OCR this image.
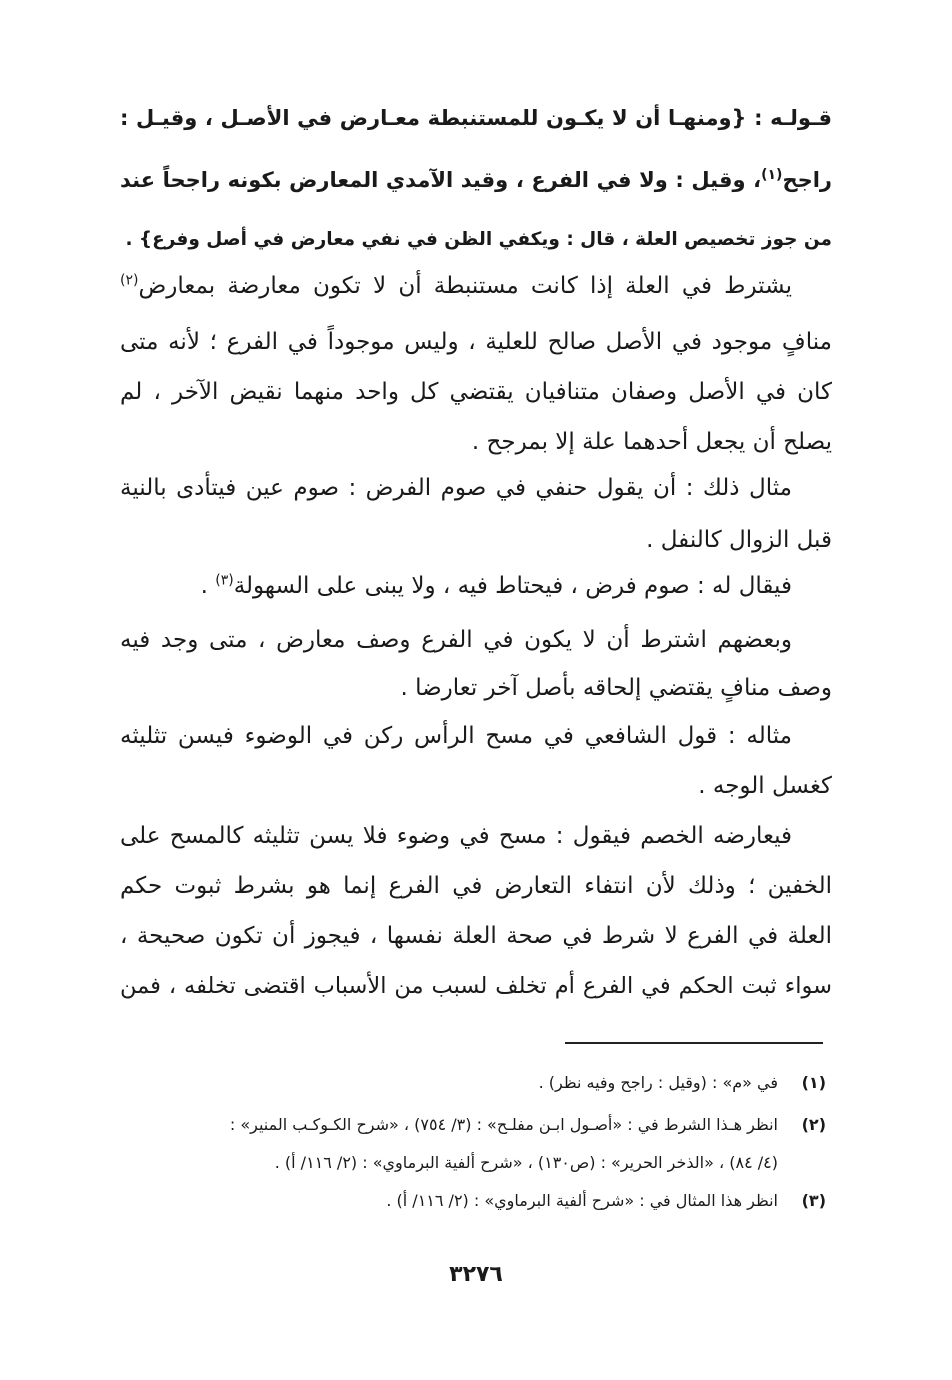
قـولـه : {ومنهـا أن لا يكـون للمستنبطة معـارض في الأصـل ، وقيـل :
راجح$^{(١)}$، وقيل : ولا في الفرع ، وقيد الآمدي المعارض بكونه راجحاً عند
من جوز تخصيص العلة ، قال : ويكفي الظن في نفي معارض في أصل وفرع} .
يشترط في العلة إذا كانت مستنبطة أن لا تكون معارضة بمعارض$^{(٢)}$
منافٍ موجود في الأصل صالح للعلية ، وليس موجوداً في الفرع ؛ لأنه متى
كان في الأصل وصفان متنافيان يقتضي كل واحد منهما نقيض الآخر ، لم
يصلح أن يجعل أحدهما علة إلا بمرجح .
مثال ذلك : أن يقول حنفي في صوم الفرض : صوم عين فيتأدى بالنية
قبل الزوال كالنفل .
فيقال له : صوم فرض ، فيحتاط فيه ، ولا يبنى على السهولة$^{(٣)}$ .
وبعضهم اشترط أن لا يكون في الفرع وصف معارض ، متى وجد فيه
وصف منافٍ يقتضي إلحاقه بأصل آخر تعارضا .
مثاله : قول الشافعي في مسح الرأس ركن في الوضوء فيسن تثليثه
كغسل الوجه .
فيعارضه الخصم فيقول : مسح في وضوء فلا يسن تثليثه كالمسح على
الخفين ؛ وذلك لأن انتفاء التعارض في الفرع إنما هو بشرط ثبوت حكم
العلة في الفرع لا شرط في صحة العلة نفسها ، فيجوز أن تكون صحيحة ،
سواء ثبت الحكم في الفرع أم تخلف لسبب من الأسباب اقتضى تخلفه ، فمن
(١)في «م» : (وقيل : راجح وفيه نظر) .
(٢)انظر هـذا الشرط في : «أصـول ابـن مفلـح» : (٣/ ٧٥٤) ، «شرح الكـوكـب المنير» :
(٤/ ٨٤) ، «الذخر الحرير» : (ص١٣٠) ، «شرح ألفية البرماوي» : (٢/ ١١٦/ أ) .
(٣)انظر هذا المثال في : «شرح ألفية البرماوي» : (٢/ ١١٦/ أ) .
٣٢٧٦
